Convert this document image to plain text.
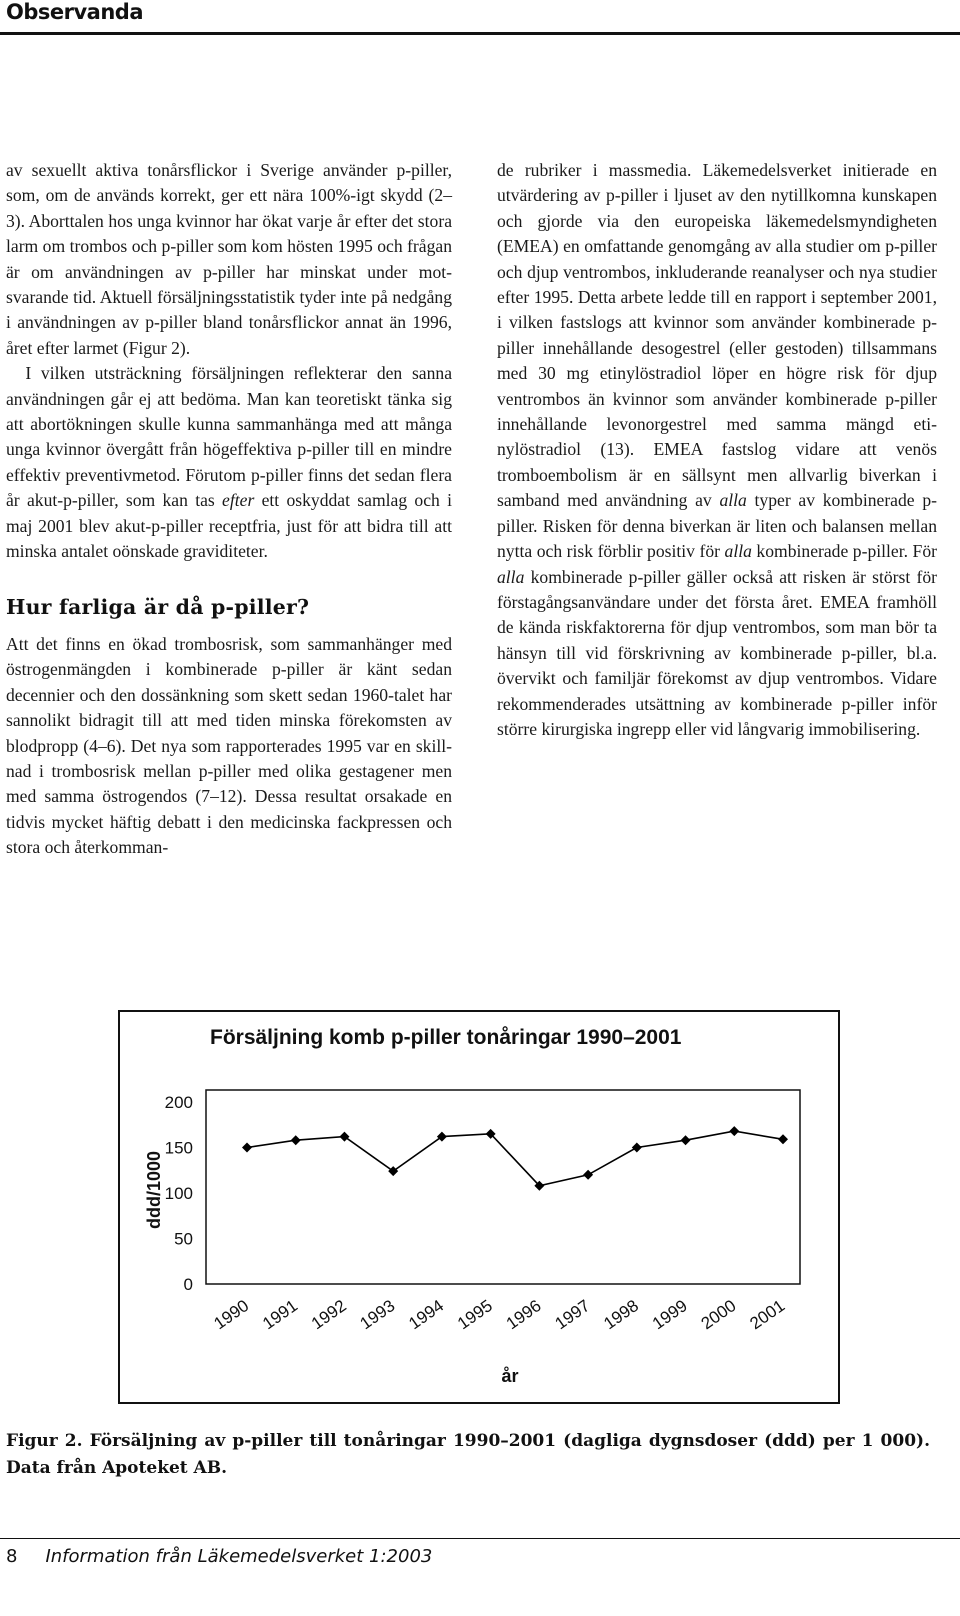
Observanda

av sexuellt aktiva tonårsflickor i Sverige använder p-piller, som, om de används korrekt, ger ett nära 100%-igt skydd (2–3). Aborttalen hos unga kvinnor har ökat varje år efter det stora larm om trombos och p-piller som kom hösten 1995 och frågan är om användningen av p-piller har minskat under motsvarande tid. Aktuell försäljningsstatistik tyder inte på nedgång i användningen av p-piller bland tonårsflickor annat än 1996, året efter larmet (Figur 2).

I vilken utsträckning försäljningen reflekterar den sanna användningen går ej att bedöma. Man kan teoretiskt tänka sig att abortökningen skulle kunna sammanhänga med att många unga kvinnor övergått från högeffektiva p-piller till en mindre effektiv preventivmetod. Förutom p-piller finns det sedan flera år akut-p-piller, som kan tas efter ett oskyddat samlag och i maj 2001 blev akut-p-piller receptfria, just för att bidra till att minska antalet oönskade graviditeter.

Hur farliga är då p-piller?

Att det finns en ökad trombosrisk, som sammanhänger med östrogenmängden i kombinerade p-piller är känt sedan decennier och den dossänkning som skett sedan 1960-talet har sannolikt bidragit till att med tiden minska förekomsten av blodpropp (4–6). Det nya som rapporterades 1995 var en skillnad i trombosrisk mellan p-piller med olika gestagener men med samma östrogendos (7–12). Dessa resultat orsakade en tidvis mycket häftig debatt i den medicinska fackpressen och stora och återkomman-

de rubriker i massmedia. Läkemedelsverket initierade en utvärdering av p-piller i ljuset av den nytillkomna kunskapen och gjorde via den europeiska läkemedelsmyndigheten (EMEA) en omfattande genomgång av alla studier om p-piller och djup ventrombos, inkluderande reanalyser och nya studier efter 1995. Detta arbete ledde till en rapport i september 2001, i vilken fastslogs att kvinnor som använder kombinerade p-piller innehållande desogestrel (eller gestoden) tillsammans med 30 mg etinylöstradiol löper en högre risk för djup ventrombos än kvinnor som använder kombinerade p-piller innehållande levonorgestrel med samma mängd etinylöstradiol (13). EMEA fastslog vidare att venös tromboembolism är en sällsynt men allvarlig biverkan i samband med användning av alla typer av kombinerade p-piller. Risken för denna biverkan är liten och balansen mellan nytta och risk förblir positiv för alla kombinerade p-piller. För alla kombinerade p-piller gäller också att risken är störst för förstagångsanvändare under det första året. EMEA framhöll de kända riskfaktorerna för djup ventrombos, som man bör ta hänsyn till vid förskrivning av kombinerade p-piller, bl.a. övervikt och familjär förekomst av djup ventrombos. Vidare rekommenderades utsättning av kombinerade p-piller inför större kirurgiska ingrepp eller vid långvarig immobilisering.

Försäljning komb p-piller tonåringar 1990–2001
ddd/1000
år
0
50
100
150
200
1990 1991 1992 1993 1994 1995 1996 1997 1998 1999 2000 2001
Figur 2. Försäljning av p-piller till tonåringar 1990–2001 (dagliga dygnsdoser (ddd) per 1 000). Data från Apoteket AB.
8 Information från Läkemedelsverket 1:2003
